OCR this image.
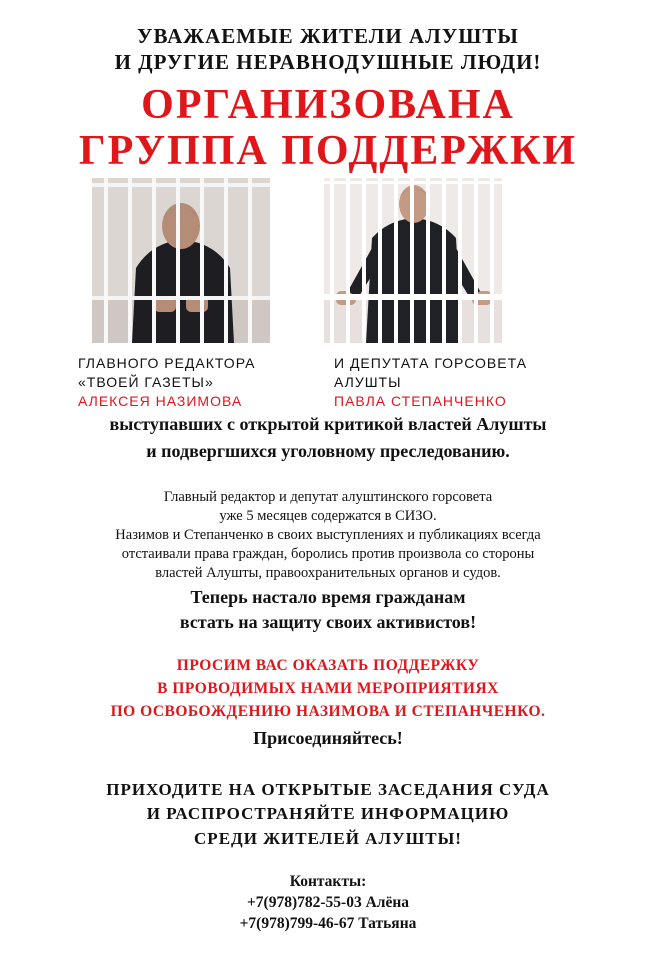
УВАЖАЕМЫЕ ЖИТЕЛИ АЛУШТЫ
И ДРУГИЕ НЕРАВНОДУШНЫЕ ЛЮДИ!
ОРГАНИЗОВАНА
ГРУППА ПОДДЕРЖКИ
ГЛАВНОГО РЕДАКТОРА
«ТВОЕЙ ГАЗЕТЫ»
АЛЕКСЕЯ НАЗИМОВА
И ДЕПУТАТА ГОРСОВЕТА
АЛУШТЫ
ПАВЛА СТЕПАНЧЕНКО
выступавших с открытой критикой властей Алушты
и подвергшихся уголовному преследованию.
Главный редактор и депутат алуштинского горсовета
уже 5 месяцев содержатся в СИЗО.
Назимов и Степанченко в своих выступлениях и публикациях всегда
отстаивали права граждан, боролись против произвола со стороны
властей Алушты, правоохранительных органов и судов.
Теперь настало время гражданам
встать на защиту своих активистов!
ПРОСИМ ВАС ОКАЗАТЬ ПОДДЕРЖКУ
В ПРОВОДИМЫХ НАМИ МЕРОПРИЯТИЯХ
ПО ОСВОБОЖДЕНИЮ НАЗИМОВА И СТЕПАНЧЕНКО.
Присоединяйтесь!
ПРИХОДИТЕ НА ОТКРЫТЫЕ ЗАСЕДАНИЯ СУДА
И РАСПРОСТРАНЯЙТЕ ИНФОРМАЦИЮ
СРЕДИ ЖИТЕЛЕЙ АЛУШТЫ!
Контакты:
+7(978)782-55-03 Алёна
+7(978)799-46-67 Татьяна
